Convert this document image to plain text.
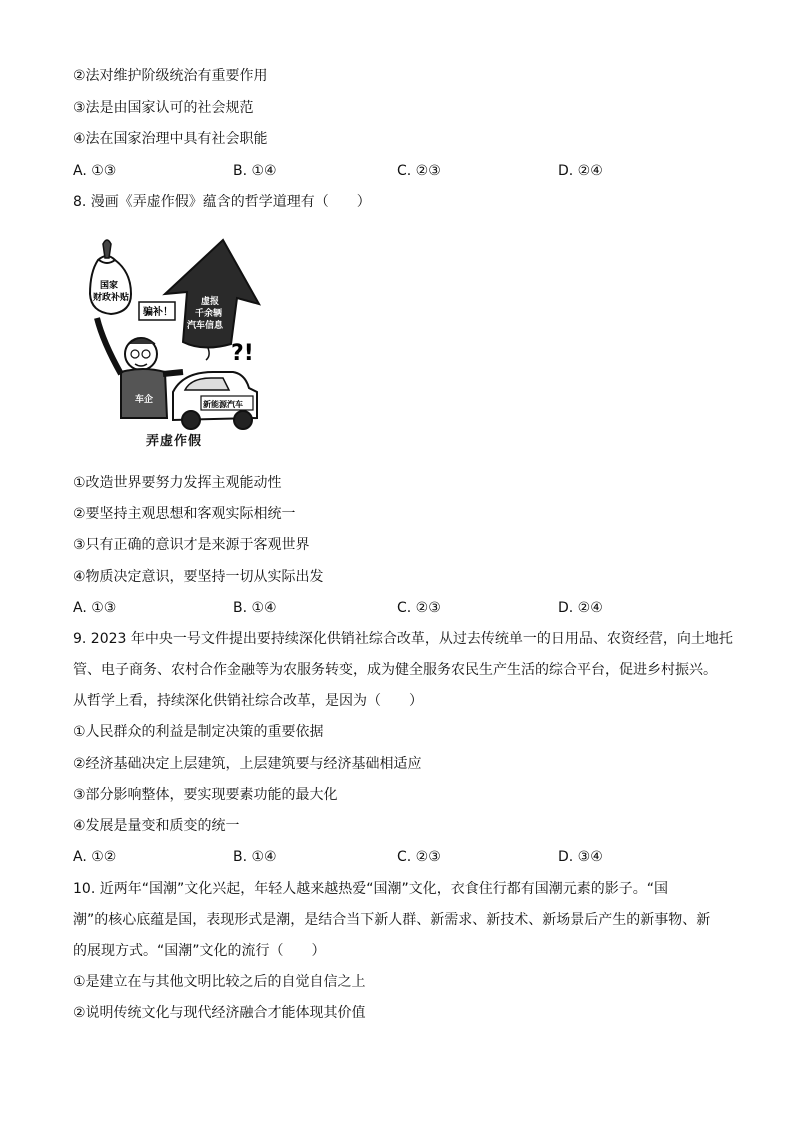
②法对维护阶级统治有重要作用
③法是由国家认可的社会规范
④法在国家治理中具有社会职能
A. ①③	B. ①④	C. ②③	D. ②④
8. 漫画《弄虚作假》蕴含的哲学道理有（　　）
国家
财政补贴	虚报
千余辆
汽车信息
骗补！
车企
?!
新能源汽车
弄虚作假
①改造世界要努力发挥主观能动性
②要坚持主观思想和客观实际相统一
③只有正确的意识才是来源于客观世界
④物质决定意识，要坚持一切从实际出发
A. ①③	B. ①④	C. ②③	D. ②④
9. 2023 年中央一号文件提出要持续深化供销社综合改革，从过去传统单一的日用品、农资经营，向土地托
管、电子商务、农村合作金融等为农服务转变，成为健全服务农民生产生活的综合平台，促进乡村振兴。
从哲学上看，持续深化供销社综合改革，是因为（　　）
①人民群众的利益是制定决策的重要依据
②经济基础决定上层建筑，上层建筑要与经济基础相适应
③部分影响整体，要实现要素功能的最大化
④发展是量变和质变的统一
A. ①②	B. ①④	C. ②③	D. ③④
10. 近两年“国潮”文化兴起，年轻人越来越热爱“国潮”文化，衣食住行都有国潮元素的影子。“国
潮”的核心底蕴是国，表现形式是潮，是结合当下新人群、新需求、新技术、新场景后产生的新事物、新
的展现方式。“国潮”文化的流行（　　）
①是建立在与其他文明比较之后的自觉自信之上
②说明传统文化与现代经济融合才能体现其价值
